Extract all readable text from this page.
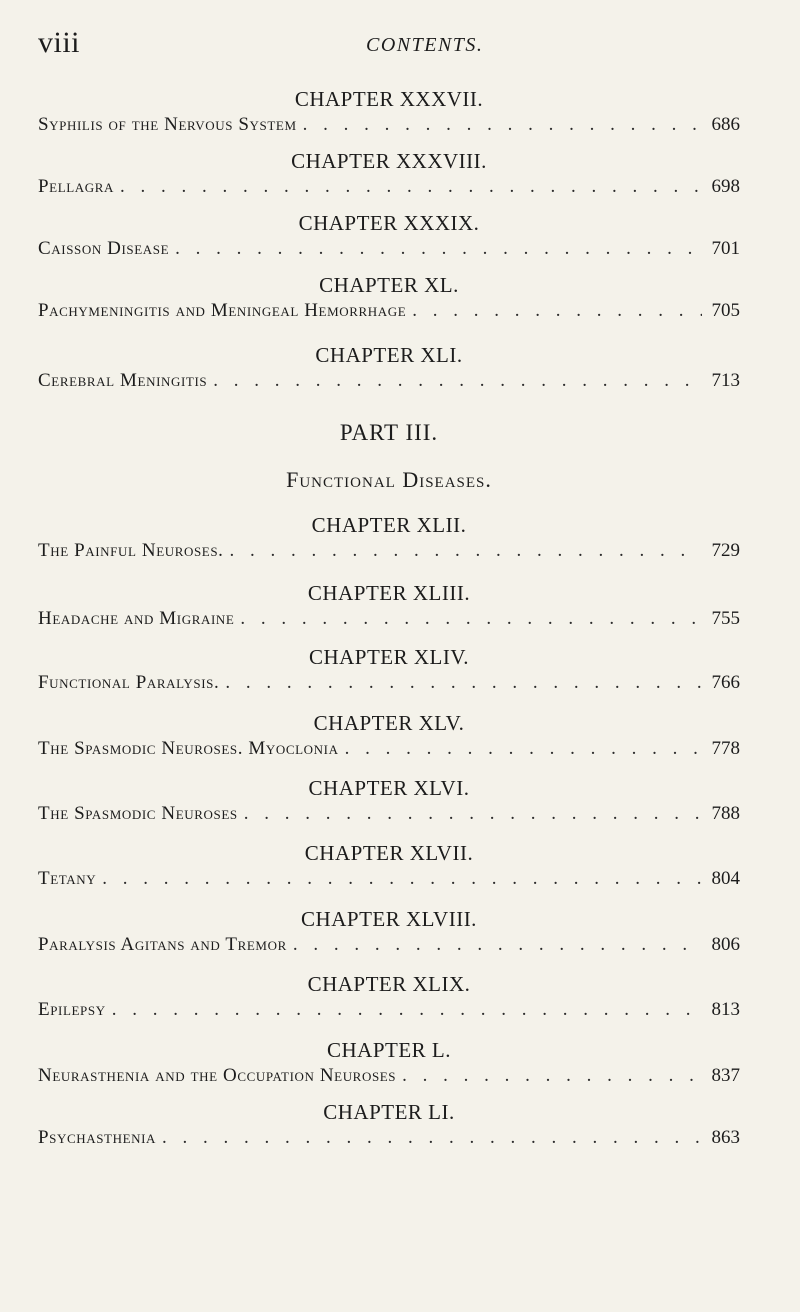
viii	CONTENTS.
CHAPTER XXXVII.
Syphilis of the Nervous System . . .	686
CHAPTER XXXVIII.
Pellagra . . .	698
CHAPTER XXXIX.
Caisson Disease . . .	701
CHAPTER XL.
Pachymeningitis and Meningeal Hemorrhage . . .	705
CHAPTER XLI.
Cerebral Meningitis . . .	713
PART III.
Functional Diseases.
CHAPTER XLII.
The Painful Neuroses. . . .	729
CHAPTER XLIII.
Headache and Migraine . . .	755
CHAPTER XLIV.
Functional Paralysis. . . .	766
CHAPTER XLV.
The Spasmodic Neuroses. Myoclonia . . .	778
CHAPTER XLVI.
The Spasmodic Neuroses . . .	788
CHAPTER XLVII.
Tetany . . .	804
CHAPTER XLVIII.
Paralysis Agitans and Tremor . . .	806
CHAPTER XLIX.
Epilepsy . . .	813
CHAPTER L.
Neurasthenia and the Occupation Neuroses . . .	837
CHAPTER LI.
Psychasthenia . . .	863
